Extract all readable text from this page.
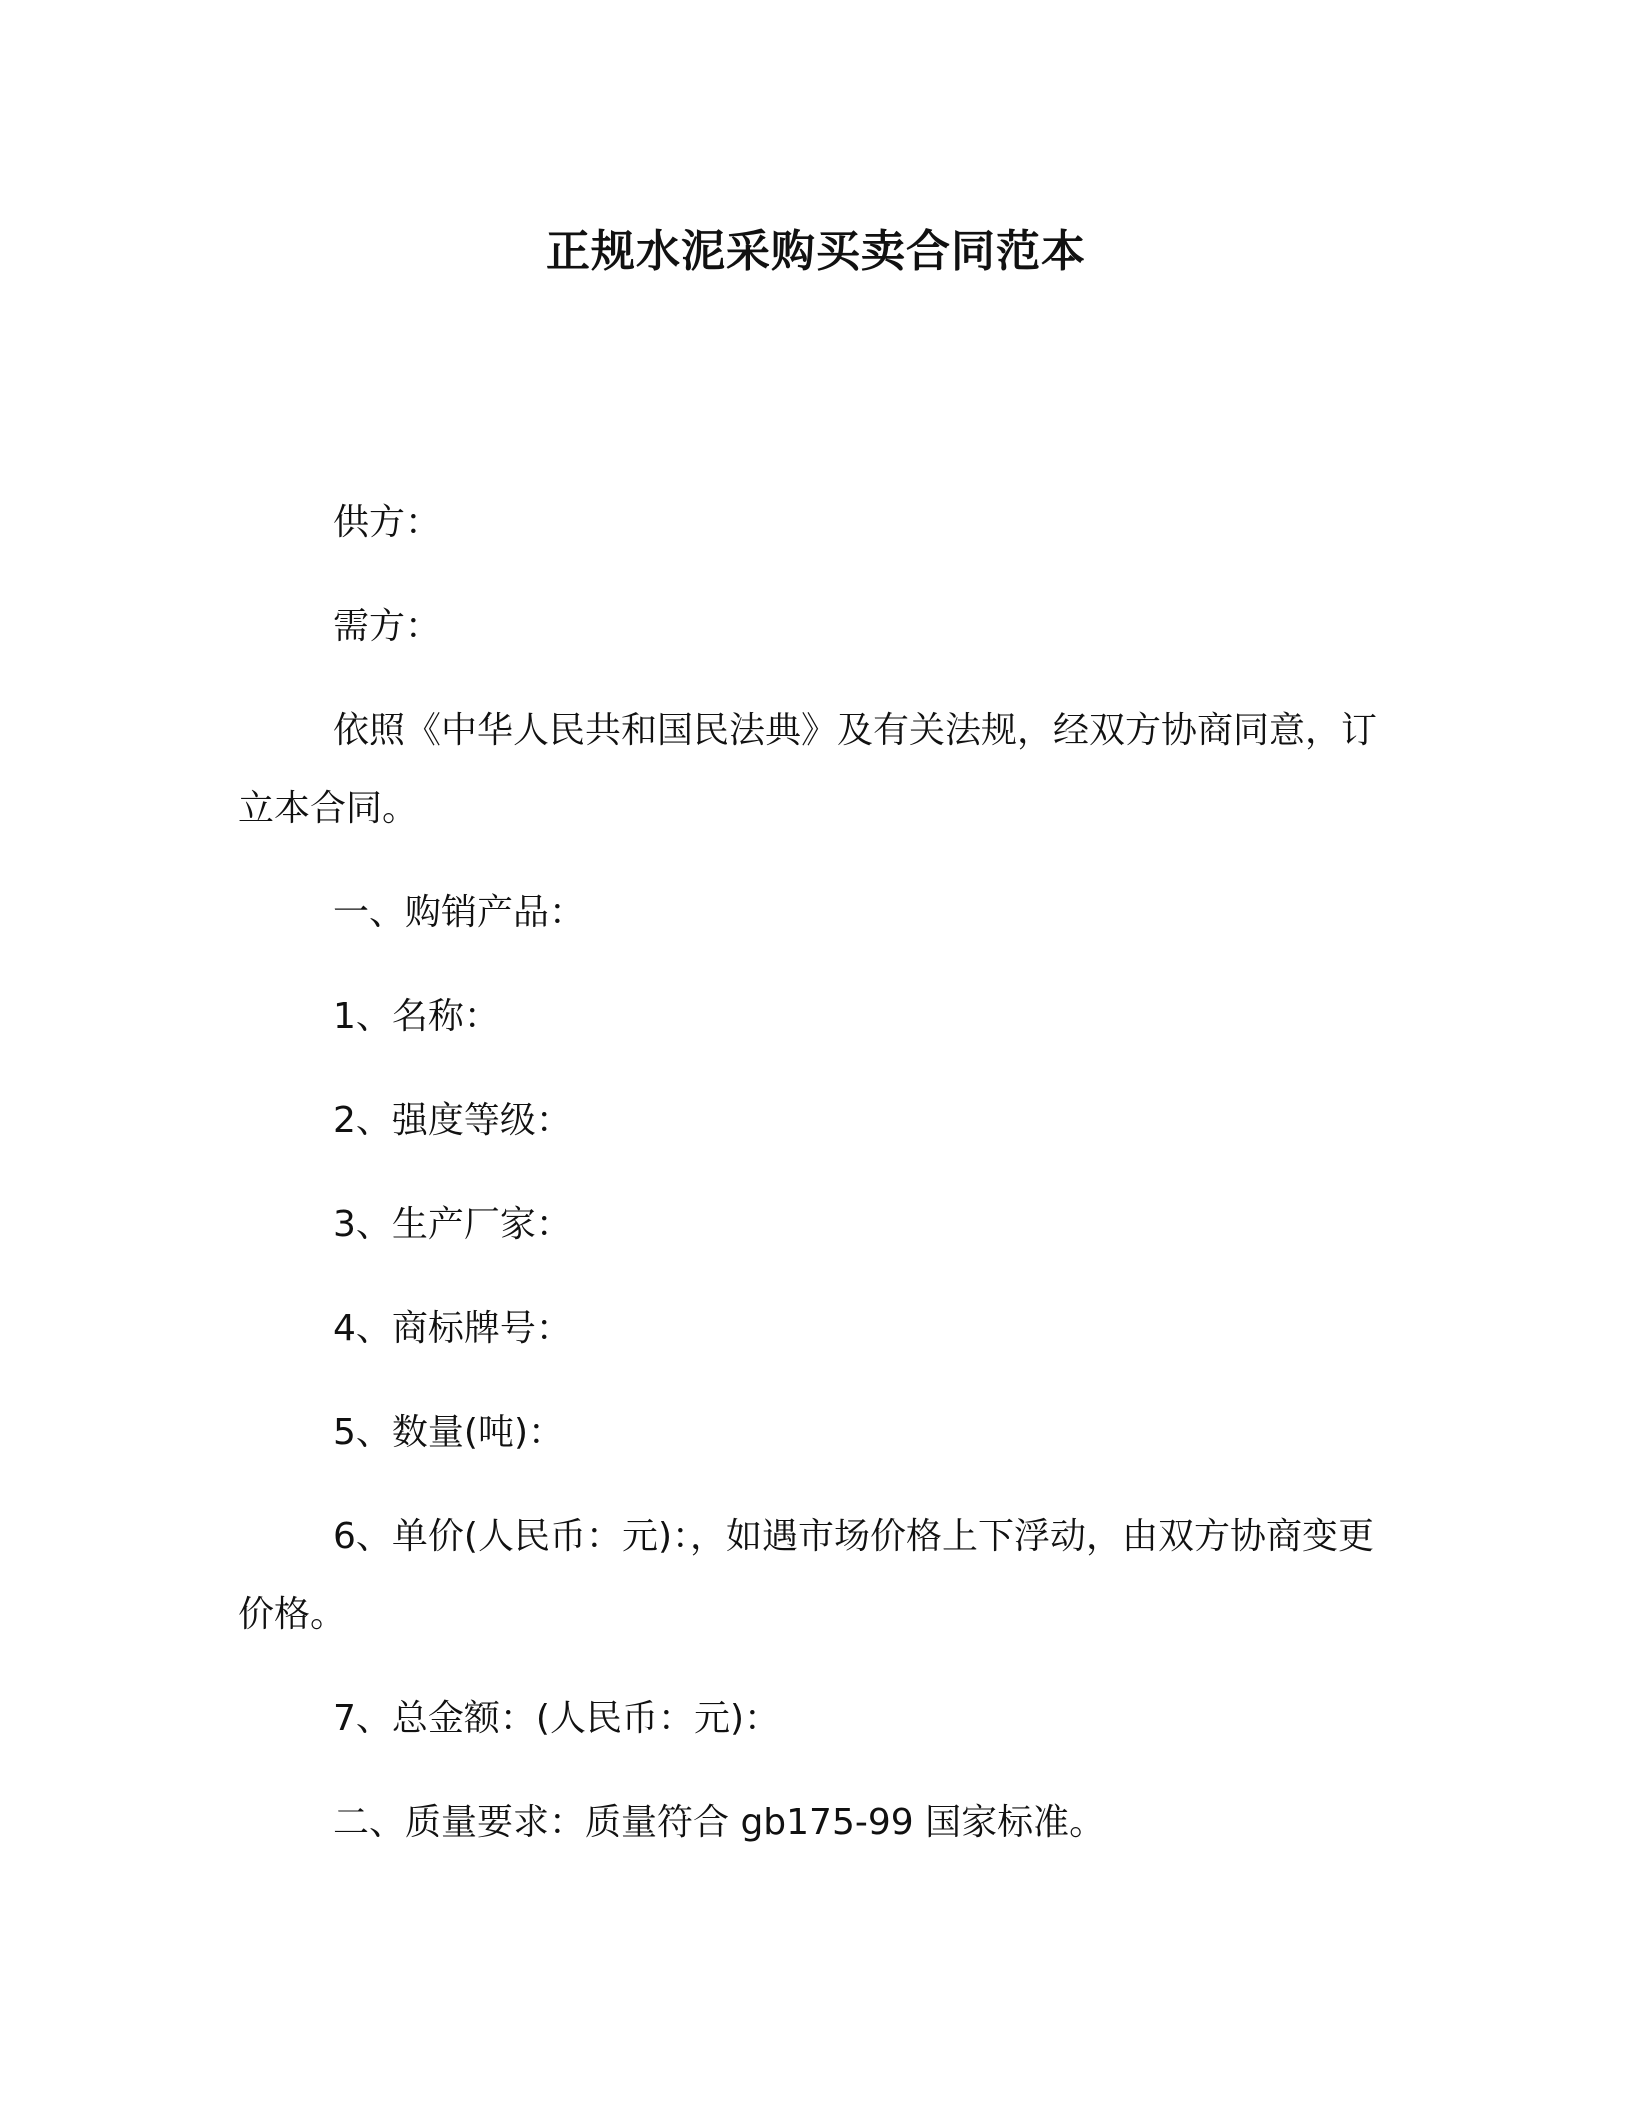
正规水泥采购买卖合同范本
供方：
需方：
依照《中华人民共和国民法典》及有关法规，经双方协商同意，订立本合同。
一、购销产品：
1、名称：
2、强度等级：
3、生产厂家：
4、商标牌号：
5、数量(吨)：
6、单价(人民币：元)：，如遇市场价格上下浮动，由双方协商变更价格。
7、总金额：(人民币：元)：
二、质量要求：质量符合 gb175-99 国家标准。
